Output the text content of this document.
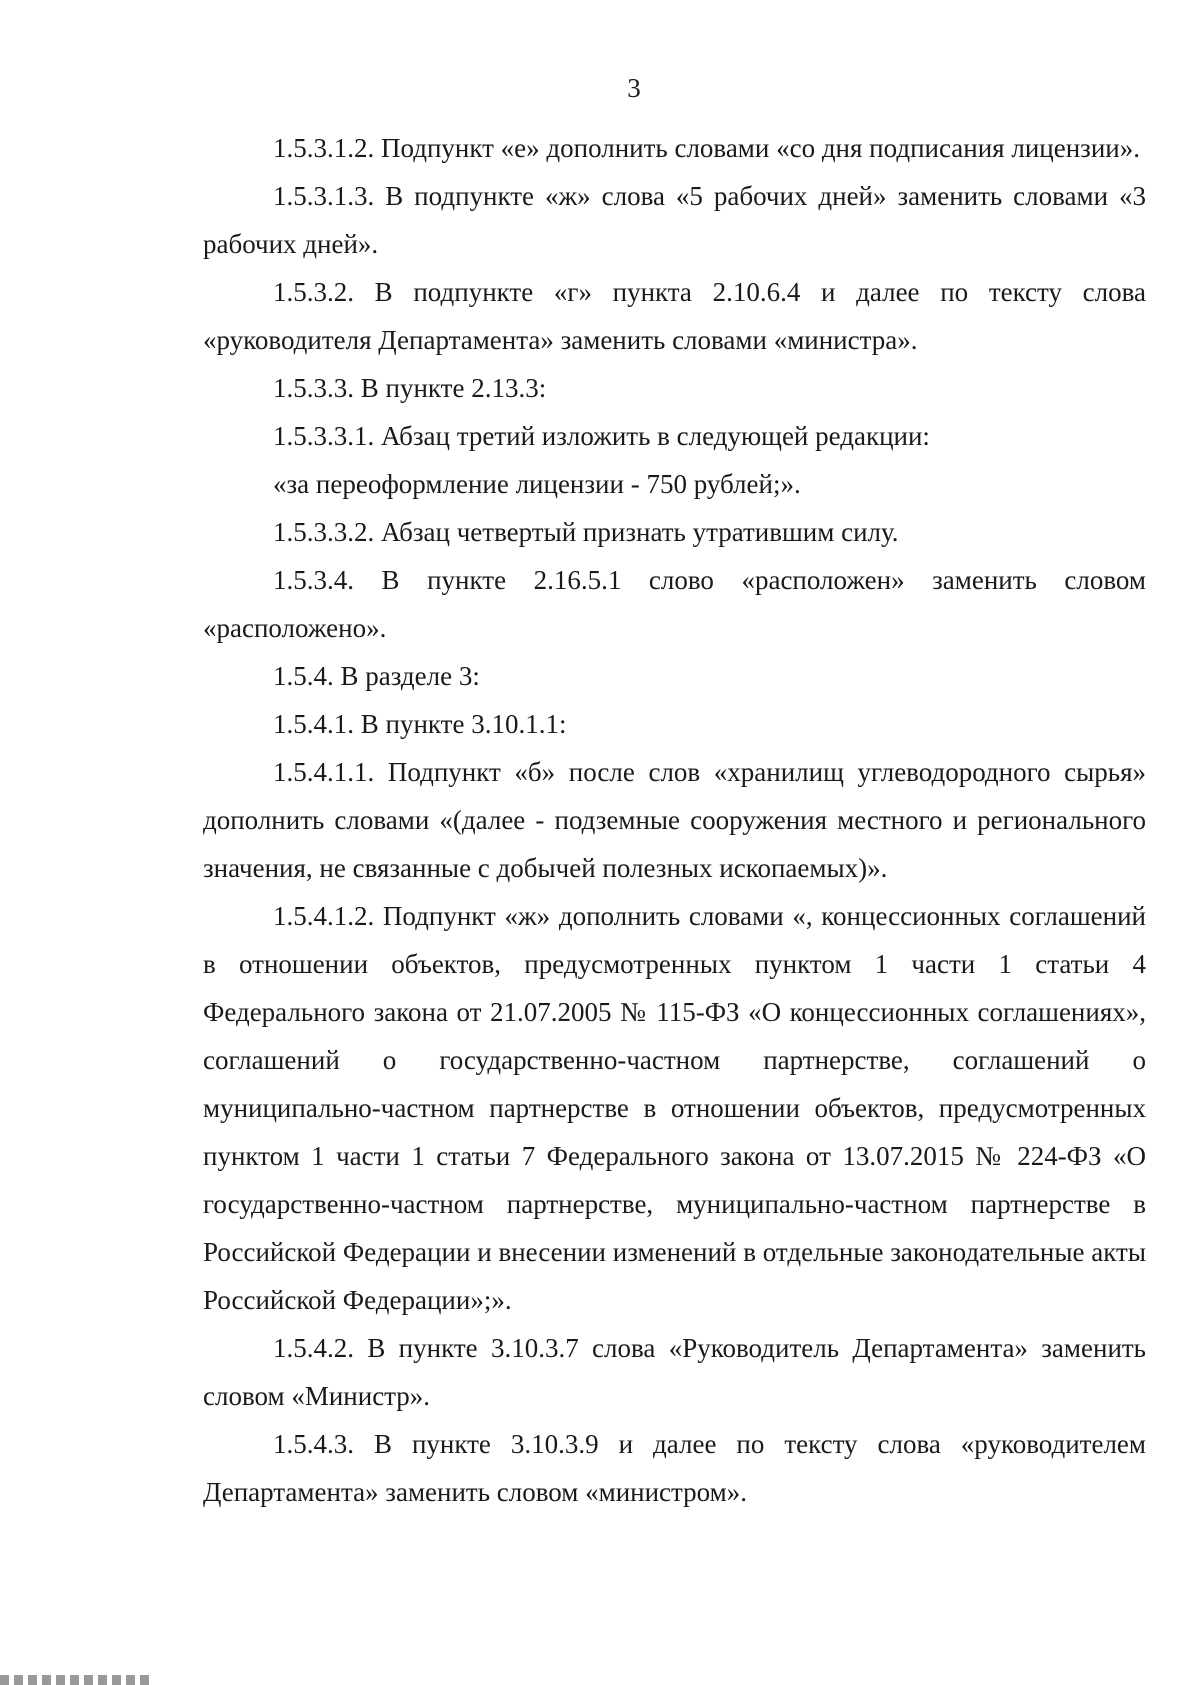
3

1.5.3.1.2. Подпункт «е» дополнить словами «со дня подписания лицензии».

1.5.3.1.3. В подпункте «ж» слова «5 рабочих дней» заменить словами «3 рабочих дней».

1.5.3.2. В подпункте «г» пункта 2.10.6.4 и далее по тексту слова «руководителя Департамента» заменить словами «министра».

1.5.3.3. В пункте 2.13.3:

1.5.3.3.1. Абзац третий изложить в следующей редакции:

«за переоформление лицензии - 750 рублей;».

1.5.3.3.2. Абзац четвертый признать утратившим силу.

1.5.3.4. В пункте 2.16.5.1 слово «расположен» заменить словом «расположено».

1.5.4. В разделе 3:

1.5.4.1. В пункте 3.10.1.1:

1.5.4.1.1. Подпункт «б» после слов «хранилищ углеводородного сырья» дополнить словами «(далее - подземные сооружения местного и регионального значения, не связанные с добычей полезных ископаемых)».

1.5.4.1.2. Подпункт «ж» дополнить словами «, концессионных соглашений в отношении объектов, предусмотренных пунктом 1 части 1 статьи 4 Федерального закона от 21.07.2005 № 115-ФЗ «О концессионных соглашениях», соглашений о государственно-частном партнерстве, соглашений о муниципально-частном партнерстве в отношении объектов, предусмотренных пунктом 1 части 1 статьи 7 Федерального закона от 13.07.2015 № 224-ФЗ «О государственно-частном партнерстве, муниципально-частном партнерстве в Российской Федерации и внесении изменений в отдельные законодательные акты Российской Федерации»;».

1.5.4.2. В пункте 3.10.3.7 слова «Руководитель Департамента» заменить словом «Министр».

1.5.4.3. В пункте 3.10.3.9 и далее по тексту слова «руководителем Департамента» заменить словом «министром».
